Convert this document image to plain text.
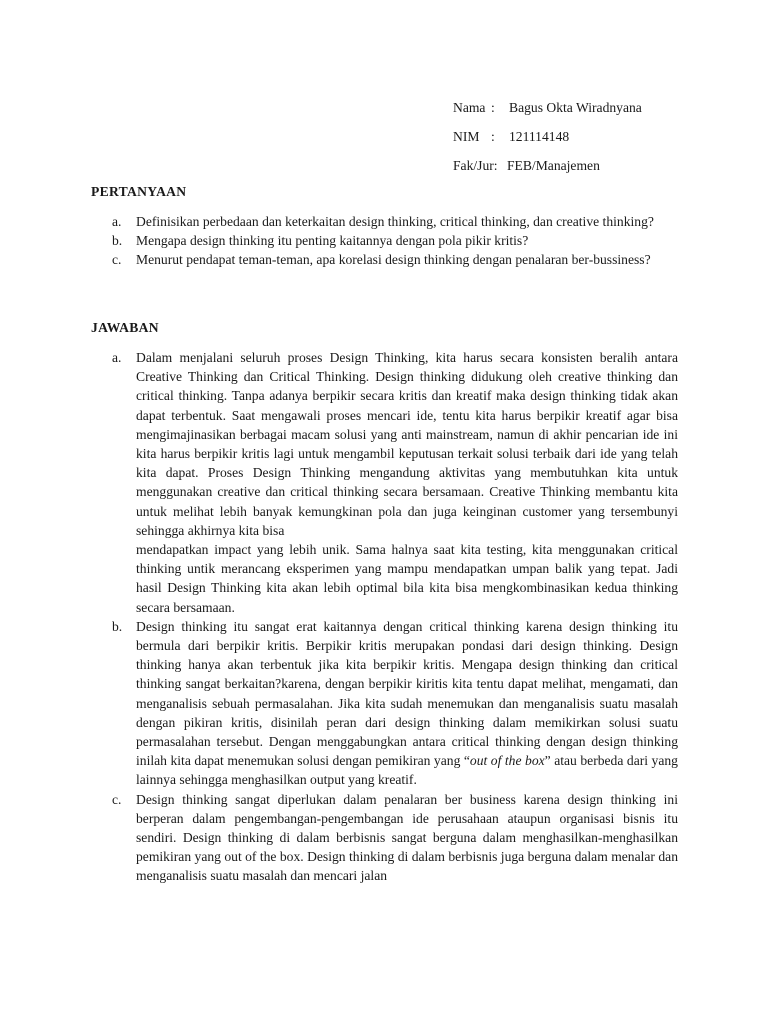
Nama :	Bagus Okta Wiradnyana
NIM :	121114148
Fak/Jur: FEB/Manajemen
PERTANYAAN
a.	Definisikan perbedaan dan keterkaitan design thinking, critical thinking, dan creative thinking?
b.	Mengapa design thinking itu penting kaitannya dengan pola pikir kritis?
c.	Menurut pendapat teman-teman, apa korelasi design thinking dengan penalaran ber-bussiness?
JAWABAN
a.	Dalam menjalani seluruh proses Design Thinking, kita harus secara konsisten beralih antara Creative Thinking dan Critical Thinking. Design thinking didukung oleh creative thinking dan critical thinking. Tanpa adanya berpikir secara kritis dan kreatif maka design thinking tidak akan dapat terbentuk. Saat mengawali proses mencari ide, tentu kita harus berpikir kreatif agar bisa mengimajinasikan berbagai macam solusi yang anti mainstream, namun di akhir pencarian ide ini kita harus berpikir kritis lagi untuk mengambil keputusan terkait solusi terbaik dari ide yang telah kita dapat. Proses Design Thinking mengandung aktivitas yang membutuhkan kita untuk menggunakan creative dan critical thinking secara bersamaan. Creative Thinking membantu kita untuk melihat lebih banyak kemungkinan pola dan juga keinginan customer yang tersembunyi sehingga akhirnya kita bisa

mendapatkan impact yang lebih unik. Sama halnya saat kita testing, kita menggunakan critical thinking untik merancang eksperimen yang mampu mendapatkan umpan balik yang tepat. Jadi hasil Design Thinking kita akan lebih optimal bila kita bisa mengkombinasikan kedua thinking secara bersamaan.

b.	Design thinking itu sangat erat kaitannya dengan critical thinking karena design thinking itu bermula dari berpikir kritis. Berpikir kritis merupakan pondasi dari design thinking. Design thinking hanya akan terbentuk jika kita berpikir kritis. Mengapa design thinking dan critical thinking sangat berkaitan?karena, dengan berpikir kiritis kita tentu dapat melihat, mengamati, dan menganalisis sebuah permasalahan. Jika kita sudah menemukan dan menganalisis suatu masalah dengan pikiran kritis, disinilah peran dari design thinking dalam memikirkan solusi suatu permasalahan tersebut. Dengan menggabungkan antara critical thinking dengan design thinking inilah kita dapat menemukan solusi dengan pemikiran yang “out of the box” atau berbeda dari yang lainnya sehingga menghasilkan output yang kreatif.
c.	Design thinking sangat diperlukan dalam penalaran ber business karena design thinking ini berperan dalam pengembangan-pengembangan ide perusahaan ataupun organisasi bisnis itu sendiri. Design thinking di dalam berbisnis sangat berguna dalam menghasilkan-menghasilkan pemikiran yang out of the box. Design thinking di dalam berbisnis juga berguna dalam menalar dan menganalisis suatu masalah dan mencari jalan
